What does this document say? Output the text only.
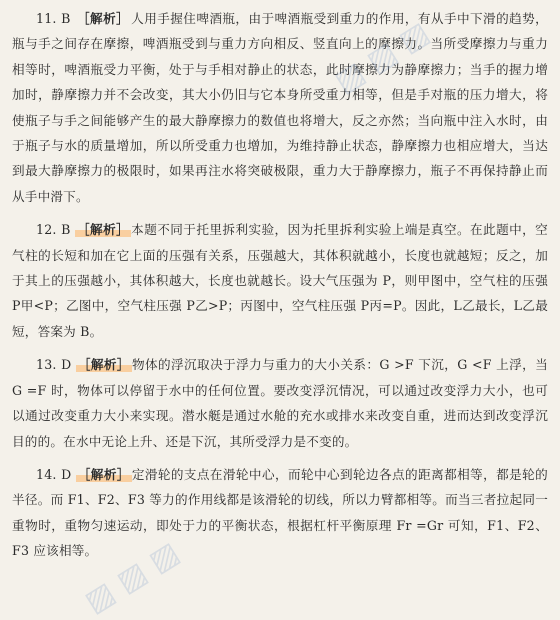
▨ ▨ ▨
▨ ▨ ▨

11. B ［解析］ 人用手握住啤酒瓶，由于啤酒瓶受到重力的作用，有从手中下滑的趋势，瓶与手之间存在摩擦，啤酒瓶受到与重力方向相反、竖直向上的摩擦力。当所受摩擦力与重力相等时，啤酒瓶受力平衡，处于与手相对静止的状态，此时摩擦力为静摩擦力；当手的握力增加时，静摩擦力并不会改变，其大小仍旧与它本身所受重力相等，但是手对瓶的压力增大，将使瓶子与手之间能够产生的最大静摩擦力的数值也将增大，反之亦然；当向瓶中注入水时，由于瓶子与水的质量增加，所以所受重力也增加，为维持静止状态，静摩擦力也相应增大，当达到最大静摩擦力的极限时，如果再注水将突破极限，重力大于静摩擦力，瓶子不再保持静止而从手中滑下。

12. B ［解析］ 本题不同于托里拆利实验，因为托里拆利实验上端是真空。在此题中，空气柱的长短和加在它上面的压强有关系，压强越大，其体积就越小，长度也就越短；反之，加于其上的压强越小，其体积越大，长度也就越长。设大气压强为 P，则甲图中，空气柱的压强 P甲<P；乙图中，空气柱压强 P乙>P；丙图中，空气柱压强 P丙=P。因此，L乙最长，L乙最短，答案为 B。

13. D ［解析］ 物体的浮沉取决于浮力与重力的大小关系：G >F 下沉，G <F 上浮，当 G =F 时，物体可以停留于水中的任何位置。要改变浮沉情况，可以通过改变浮力大小，也可以通过改变重力大小来实现。潜水艇是通过水舱的充水或排水来改变自重，进而达到改变浮沉目的的。在水中无论上升、还是下沉，其所受浮力是不变的。

14. D ［解析］ 定滑轮的支点在滑轮中心，而轮中心到轮边各点的距离都相等，都是轮的半径。而 F1、F2、F3 等力的作用线都是该滑轮的切线，所以力臂都相等。而当三者拉起同一重物时，重物匀速运动，即处于力的平衡状态，根据杠杆平衡原理 Fr =Gr 可知，F1、F2、F3 应该相等。
